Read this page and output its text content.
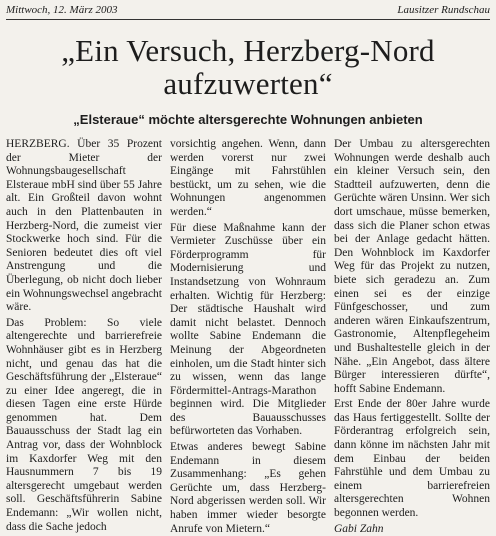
Mittwoch, 12. März 2003	Lausitzer Rundschau
„Ein Versuch, Herzberg-Nord aufzuwerten“
„Elsteraue“ möchte altersgerechte Wohnungen anbieten

HERZBERG. Über 35 Prozent der Mieter der Wohnungsbaugesellschaft Elsteraue mbH sind über 55 Jahre alt. Ein Großteil davon wohnt auch in den Plattenbauten in Herzberg-Nord, die zumeist vier Stockwerke hoch sind. Für die Senioren bedeutet dies oft viel Anstrengung und die Überlegung, ob nicht doch lieber ein Wohnungswechsel angebracht wäre.

Das Problem: So viele altengerechte und barrierefreie Wohnhäuser gibt es in Herzberg nicht, und genau das hat die Geschäftsführung der „Elsteraue“ zu einer Idee angeregt, die in diesen Tagen eine erste Hürde genommen hat. Dem Bauausschuss der Stadt lag ein Antrag vor, dass der Wohnblock im Kaxdorfer Weg mit den Hausnummern 7 bis 19 altersgerecht umgebaut werden soll. Geschäftsführerin Sabine Endemann: „Wir wollen nicht, dass die Sache jedoch

vorsichtig angehen. Wenn, dann werden vorerst nur zwei Eingänge mit Fahrstühlen bestückt, um zu sehen, wie die Wohnungen angenommen werden.“

Für diese Maßnahme kann der Vermieter Zuschüsse über ein Förderprogramm für Modernisierung und Instandsetzung von Wohnraum erhalten. Wichtig für Herzberg: Der städtische Haushalt wird damit nicht belastet. Dennoch wollte Sabine Endemann die Meinung der Abgeordneten einholen, um die Stadt hinter sich zu wissen, wenn das lange Fördermittel-Antrags-Marathon beginnen wird. Die Mitglieder des Bauausschusses befürworteten das Vorhaben.

Etwas anderes bewegt Sabine Endemann in diesem Zusammenhang: „Es gehen Gerüchte um, dass Herzberg-Nord abgerissen werden soll. Wir haben immer wieder besorgte Anrufe von Mietern.“

Der Umbau zu altersgerechten Wohnungen werde deshalb auch ein kleiner Versuch sein, den Stadtteil aufzuwerten, denn die Gerüchte wären Unsinn. Wer sich dort umschaue, müsse bemerken, dass sich die Planer schon etwas bei der Anlage gedacht hätten. Den Wohnblock im Kaxdorfer Weg für das Projekt zu nutzen, biete sich geradezu an. Zum einen sei es der einzige Fünfgeschosser, und zum anderen wären Einkaufszentrum, Gastronomie, Altenpflegeheim und Bushaltestelle gleich in der Nähe. „Ein Angebot, dass ältere Bürger interessieren dürfte“, hofft Sabine Endemann.

Erst Ende der 80er Jahre wurde das Haus fertiggestellt. Sollte der Förderantrag erfolgreich sein, dann könne im nächsten Jahr mit dem Einbau der beiden Fahrstühle und dem Umbau zu einem barrierefreien altersgerechten Wohnen begonnen werden.

Gabi Zahn
